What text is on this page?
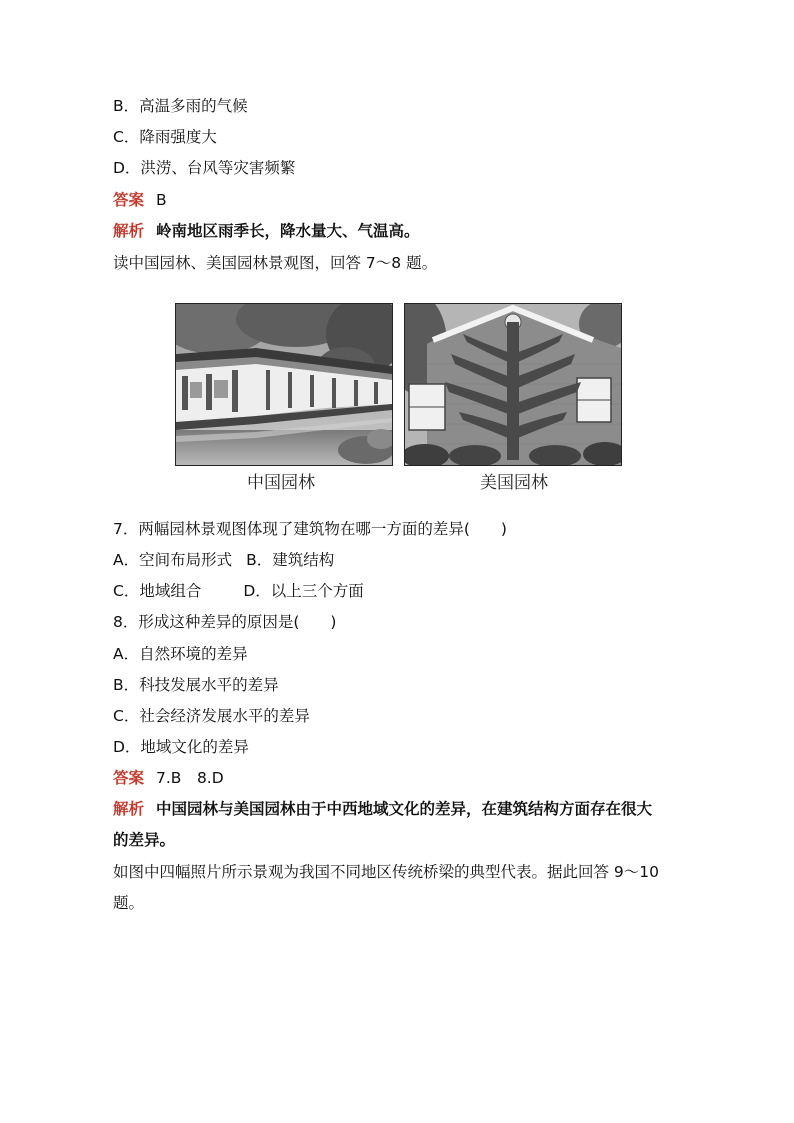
B．高温多雨的气候
C．降雨强度大
D．洪涝、台风等灾害频繁
答案 B
解析 岭南地区雨季长，降水量大、气温高。
读中国园林、美国园林景观图，回答 7～8 题。
中国园林	美国园林
7．两幅园林景观图体现了建筑物在哪一方面的差异(　　)
A．空间布局形式 B．建筑结构
C．地域组合	D．以上三个方面
8．形成这种差异的原因是(　　)
A．自然环境的差异
B．科技发展水平的差异
C．社会经济发展水平的差异
D．地域文化的差异
答案 7.B　8.D
解析 中国园林与美国园林由于中西地域文化的差异，在建筑结构方面存在很大
的差异。
如图中四幅照片所示景观为我国不同地区传统桥梁的典型代表。据此回答 9～10
题。
